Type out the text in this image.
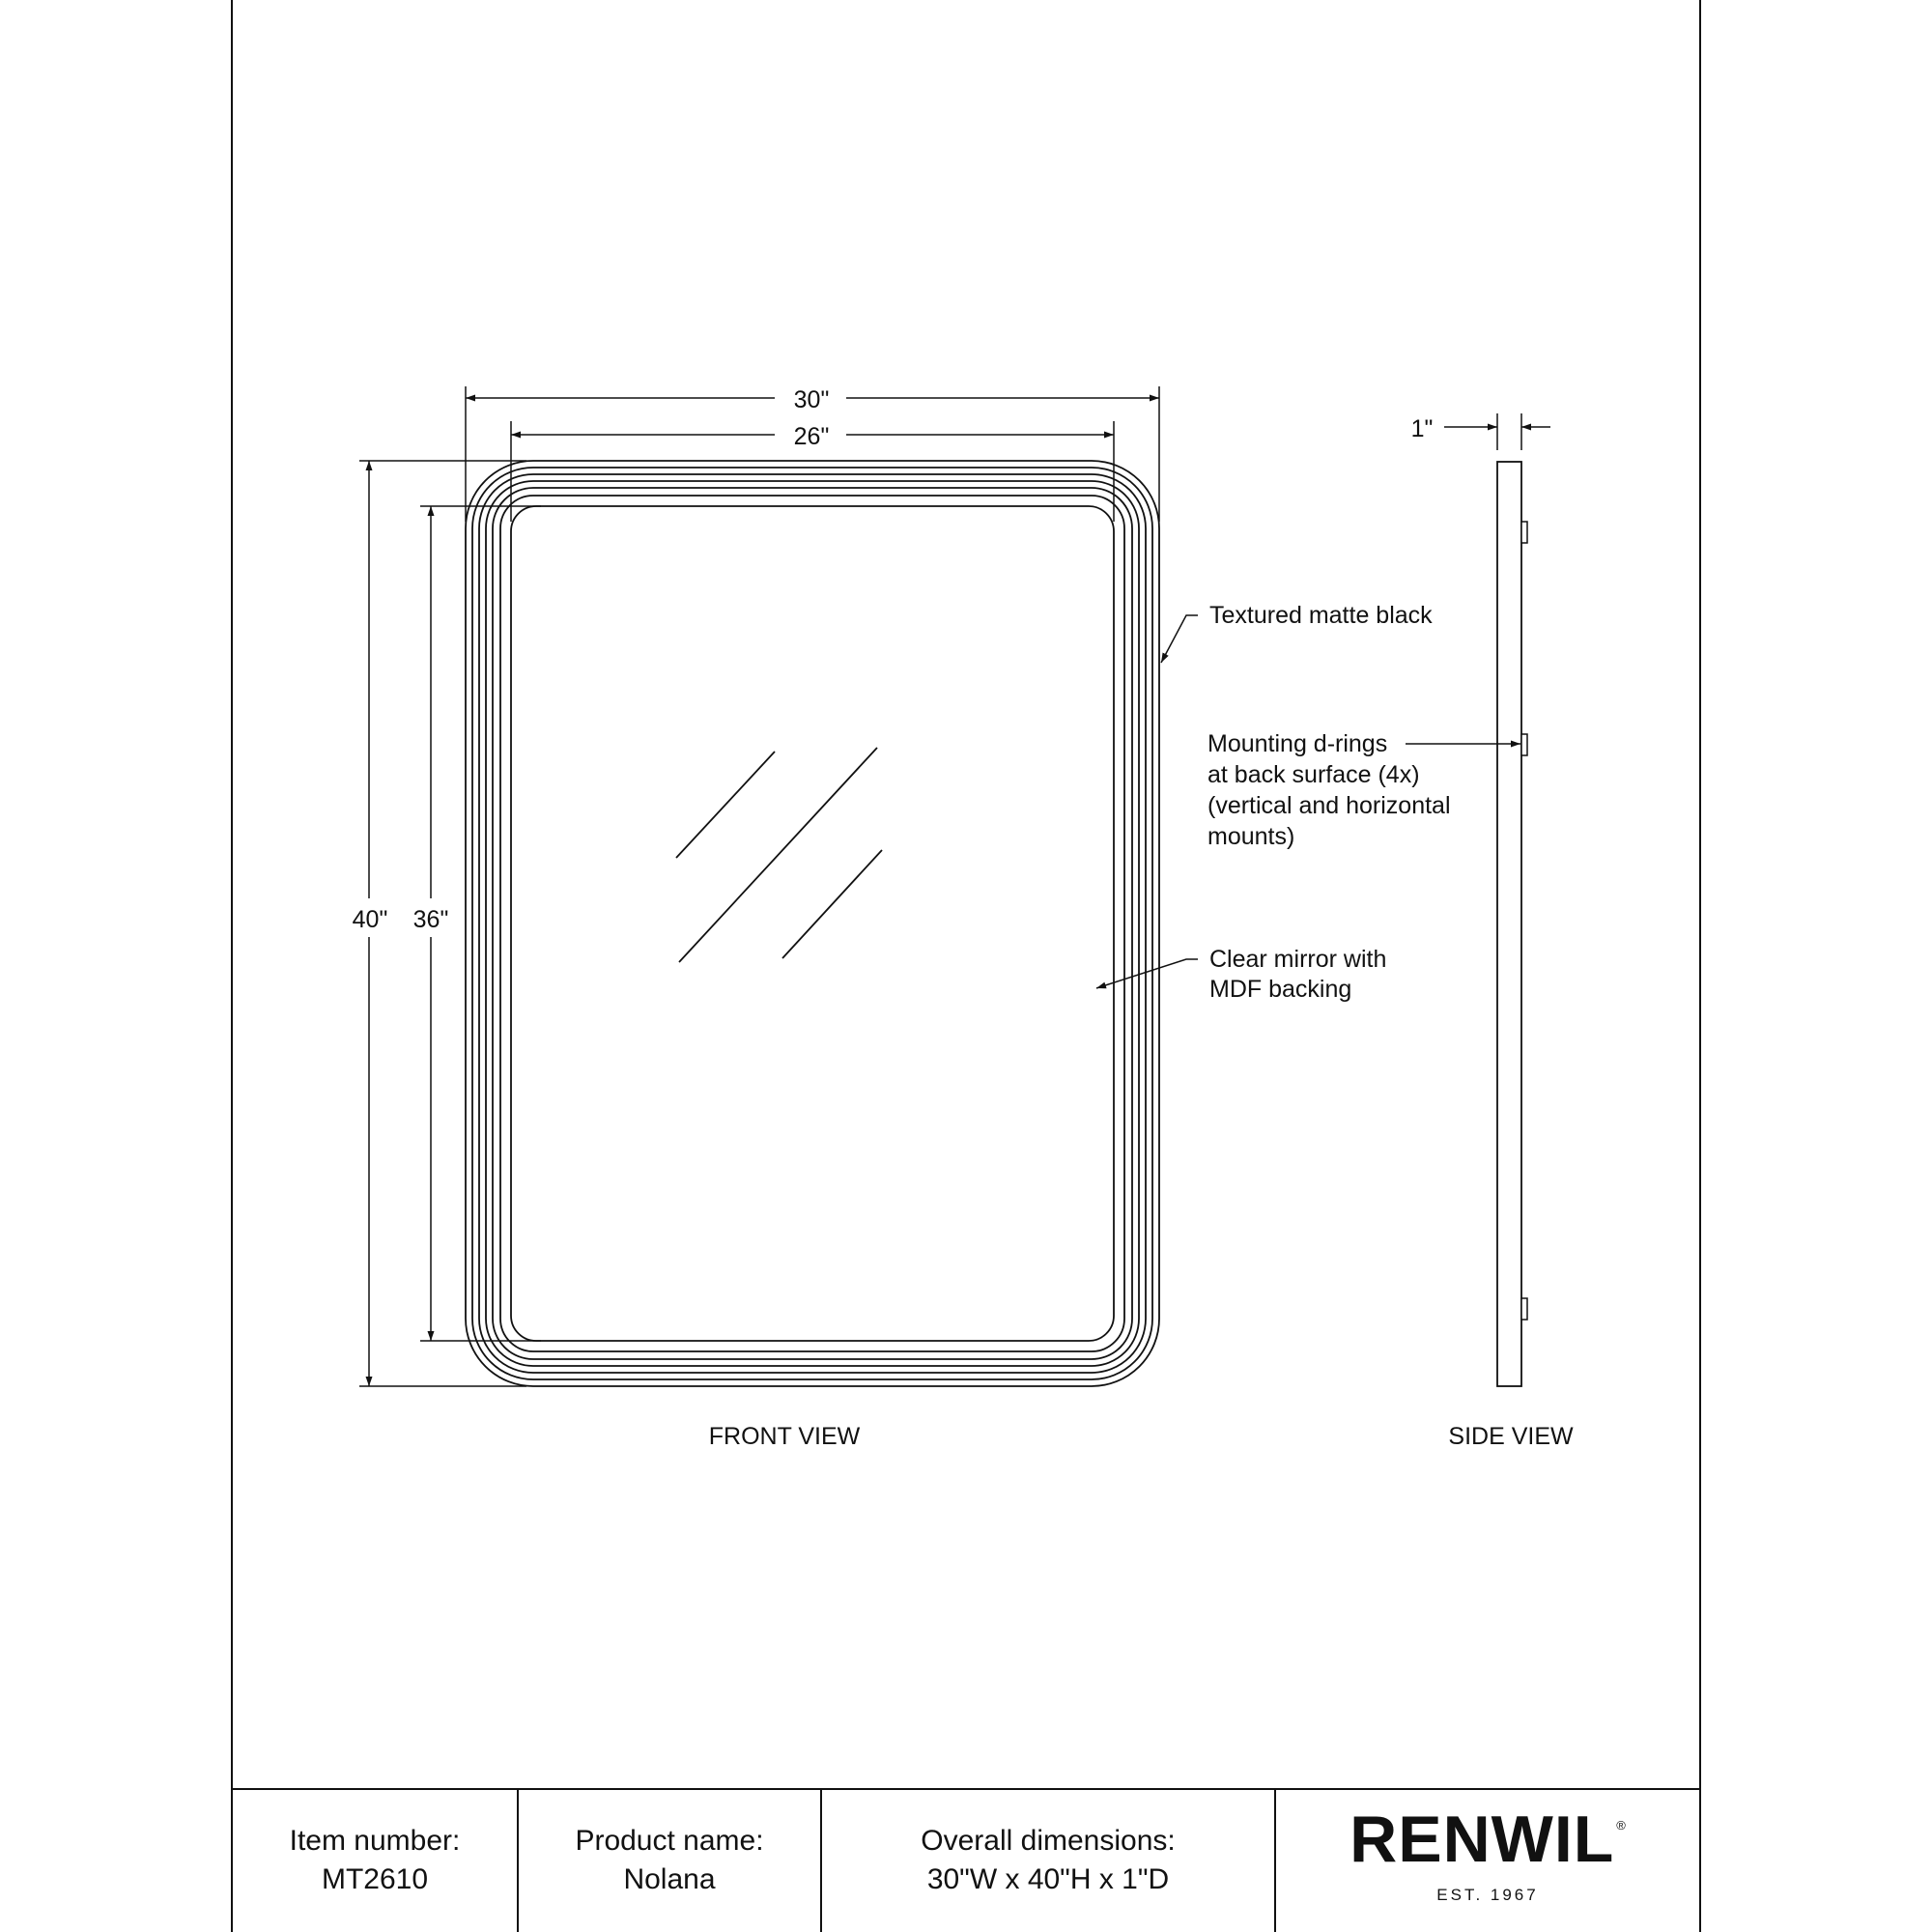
30"
26"
40" 36"
Textured matte black
Clear mirror with
MDF backing
Mounting d-rings
at back surface (4x)
(vertical and horizontal
mounts)
1"
FRONT VIEW	SIDE VIEW
Item number:
MT2610
Product name:
Nolana
Overall dimensions:
30"W x 40"H x 1"D
RENWIL ®
EST. 1967
